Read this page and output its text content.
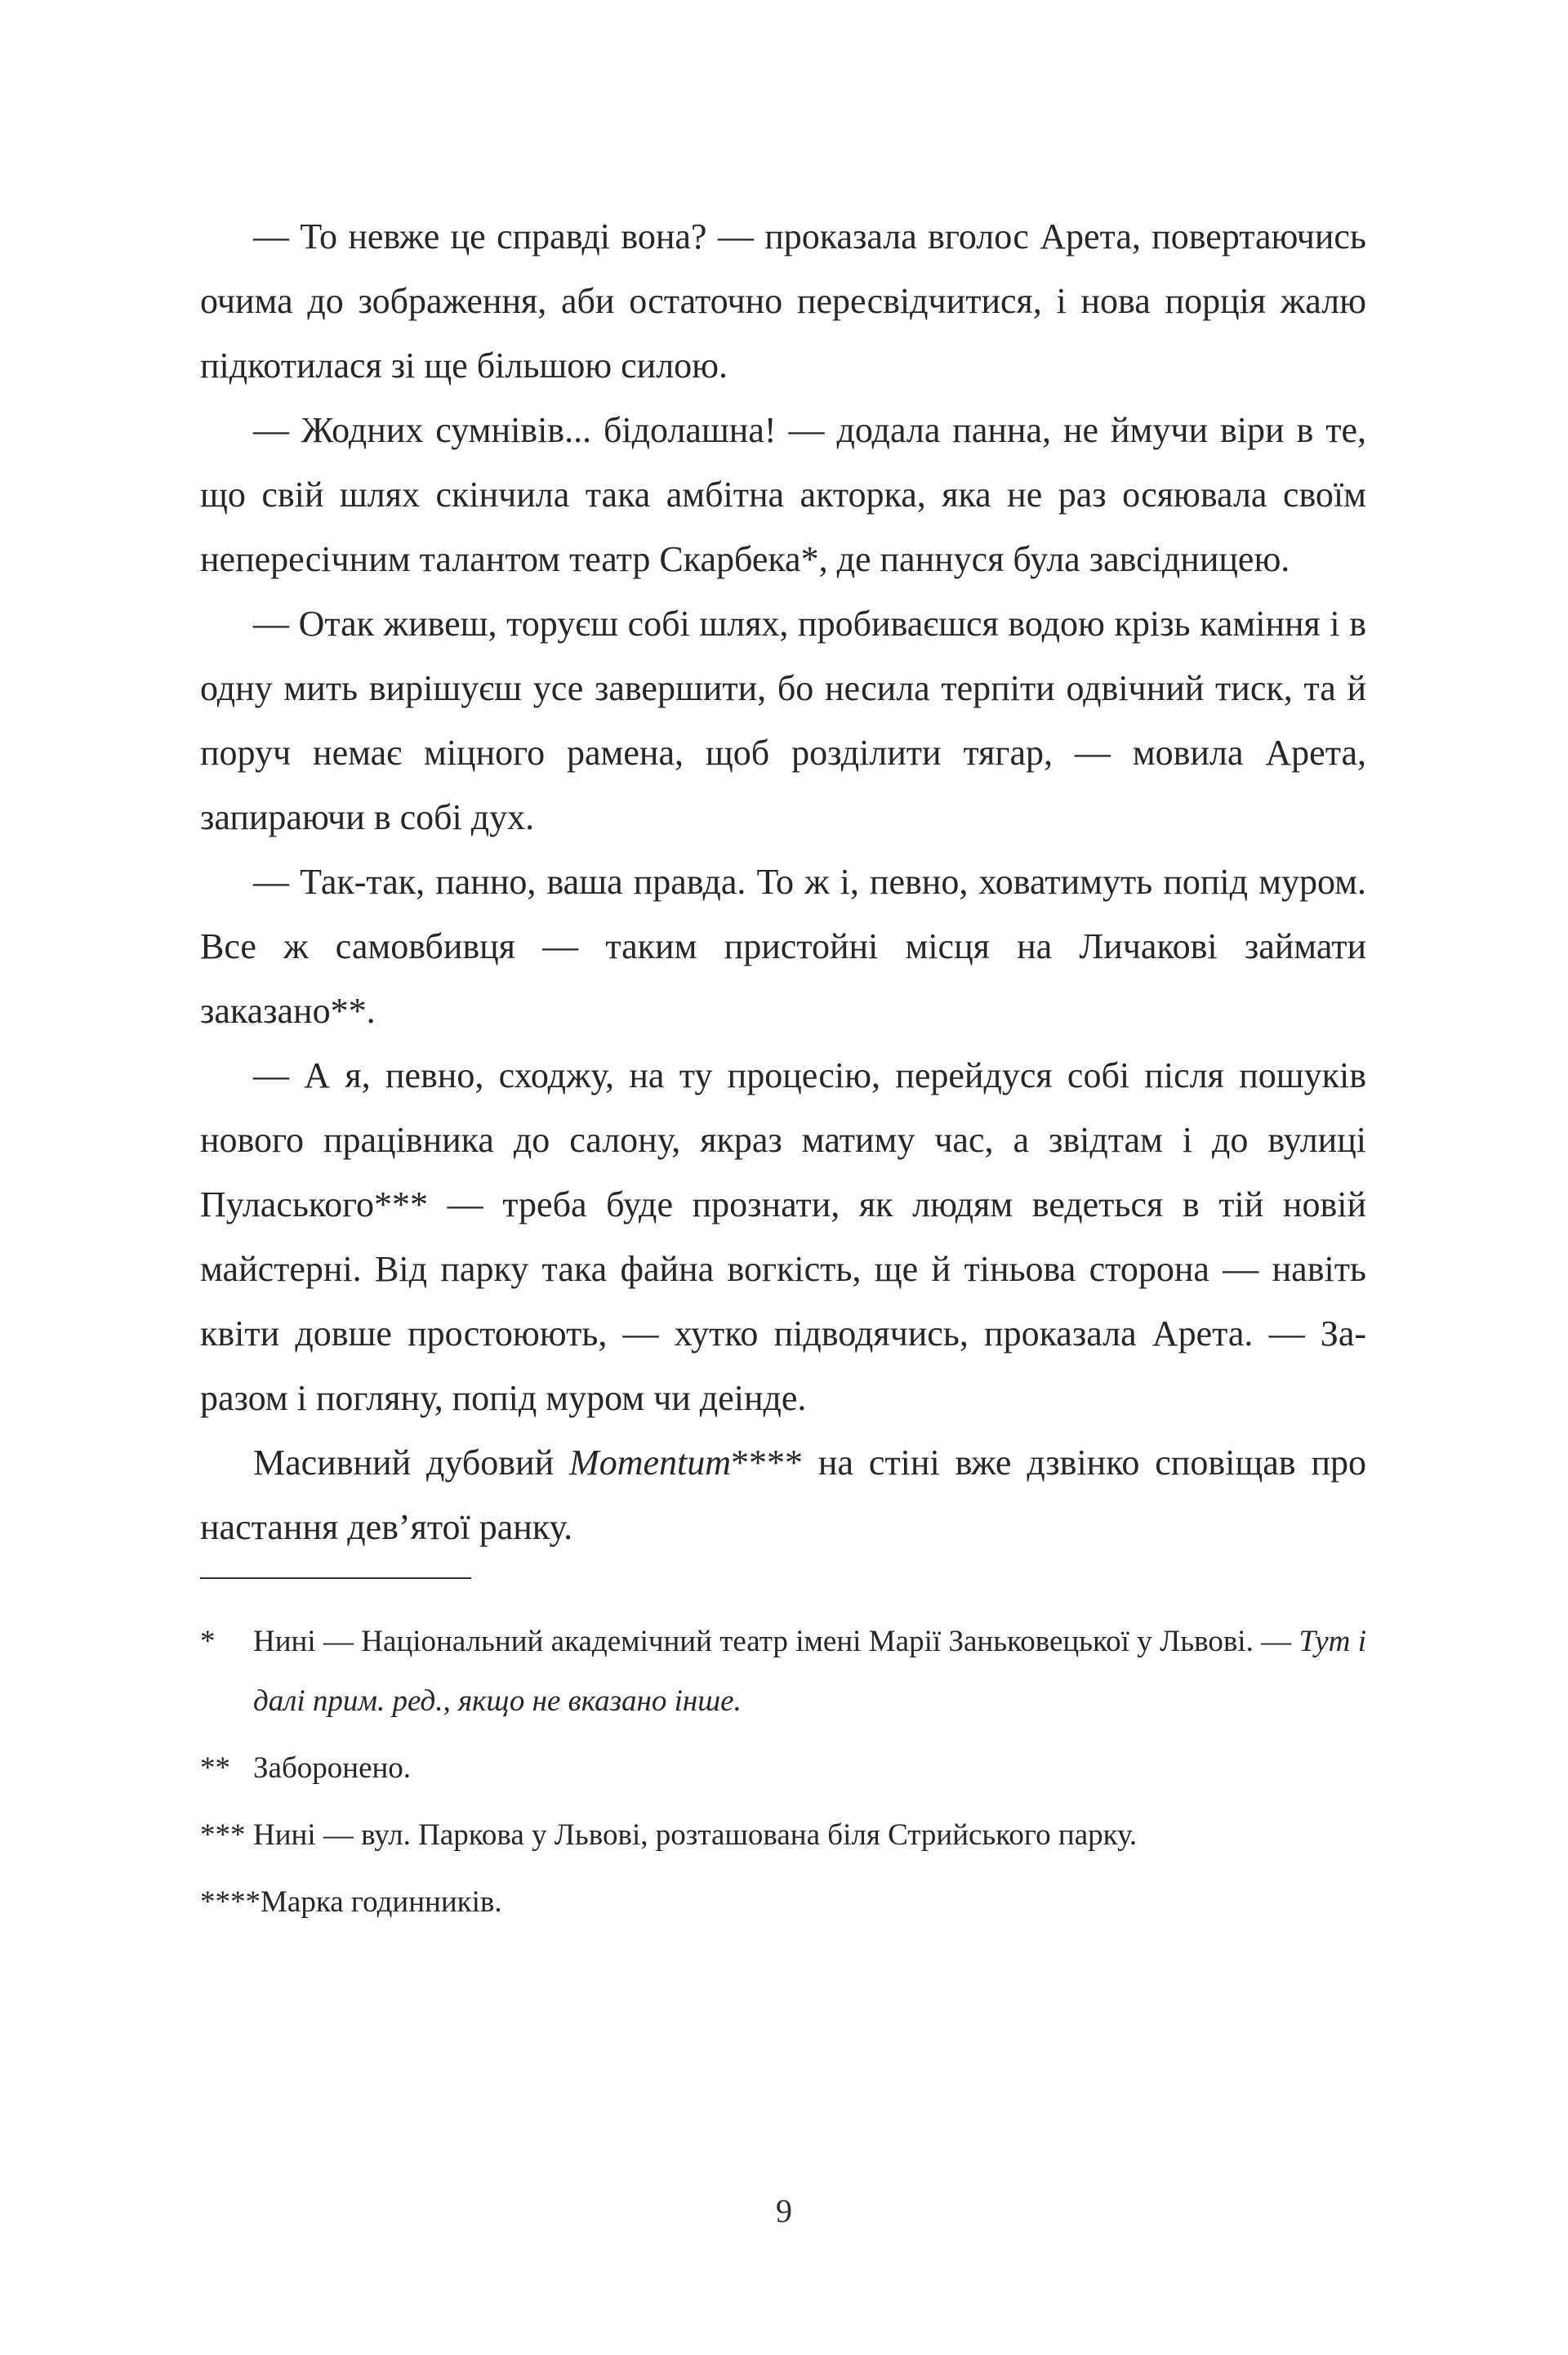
— То невже це справді вона? — проказала вголос Арета, повертаючись очима до зображення, аби остаточно пересвідчитися, і нова порція жалю підкотилася зі ще більшою силою.

— Жодних сумнівів... бідолашна! — додала панна, не ймучи віри в те, що свій шлях скінчила така амбітна акторка, яка не раз осяювала своїм непересічним талантом театр Скарбека*, де паннуся була завсідницею.

— Отак живеш, торуєш собі шлях, пробиваєшся водою крізь каміння і в одну мить вирішуєш усе завершити, бо несила терпіти одвічний тиск, та й поруч немає міцного рамена, щоб розділити тягар, — мовила Арета, запираючи в собі дух.

— Так-так, панно, ваша правда. То ж і, певно, ховатимуть попід муром. Все ж самовбивця — таким пристойні місця на Личакові займати заказано**.

— А я, певно, сходжу, на ту процесію, перейдуся собі після пошуків нового працівника до салону, якраз матиму час, а звідтам і до вулиці Пуласького*** — треба буде прознати, як людям ведеться в тій новій майстерні. Від парку така файна вогкість, ще й тіньова сторона — навіть квіти довше простоюють, — хутко підводячись, проказала Арета. — Заразом і погляну, попід муром чи деінде.

Масивний дубовий Momentum**** на стіні вже дзвінко сповіщав про настання дев’ятої ранку.

* Нині — Національний академічний театр імені Марії Заньковецької у Львові. — Тут і далі прим. ред., якщо не вказано інше.

** Заборонено.

*** Нині — вул. Паркова у Львові, розташована біля Стрийського парку.

****Марка годинників.

9
